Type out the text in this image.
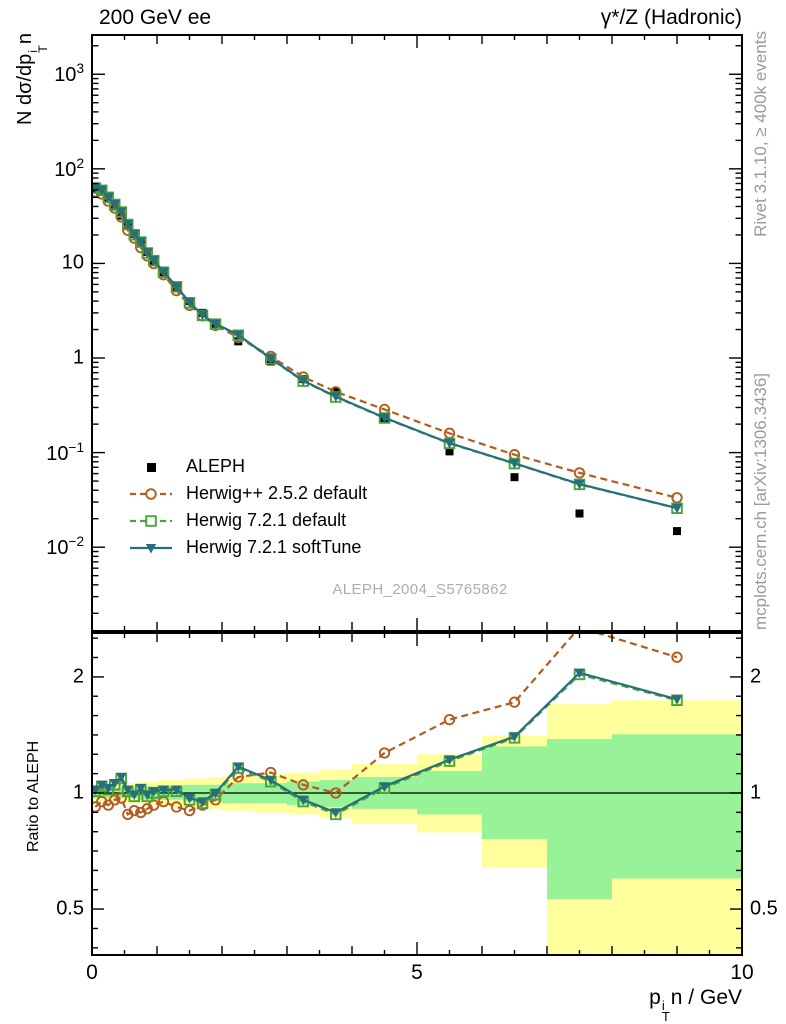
$10^3$
$10^2$
10
1
$10^{-1}$
$10^{-2}$
2	2
1	1
0.5	0.5
0	5	10
200 GeV ee	γ*/Z (Hadronic)
N dσ/dp
i
T
n
Ratio to ALEPH
Rivet 3.1.10, ≥ 400k events
mcplots.cern.ch [arXiv:1306.3436]
ALEPH_2004_S5765862
p i
T
n / GeV
ALEPH
Herwig++ 2.5.2 default
Herwig 7.2.1 default
Herwig 7.2.1 softTune
